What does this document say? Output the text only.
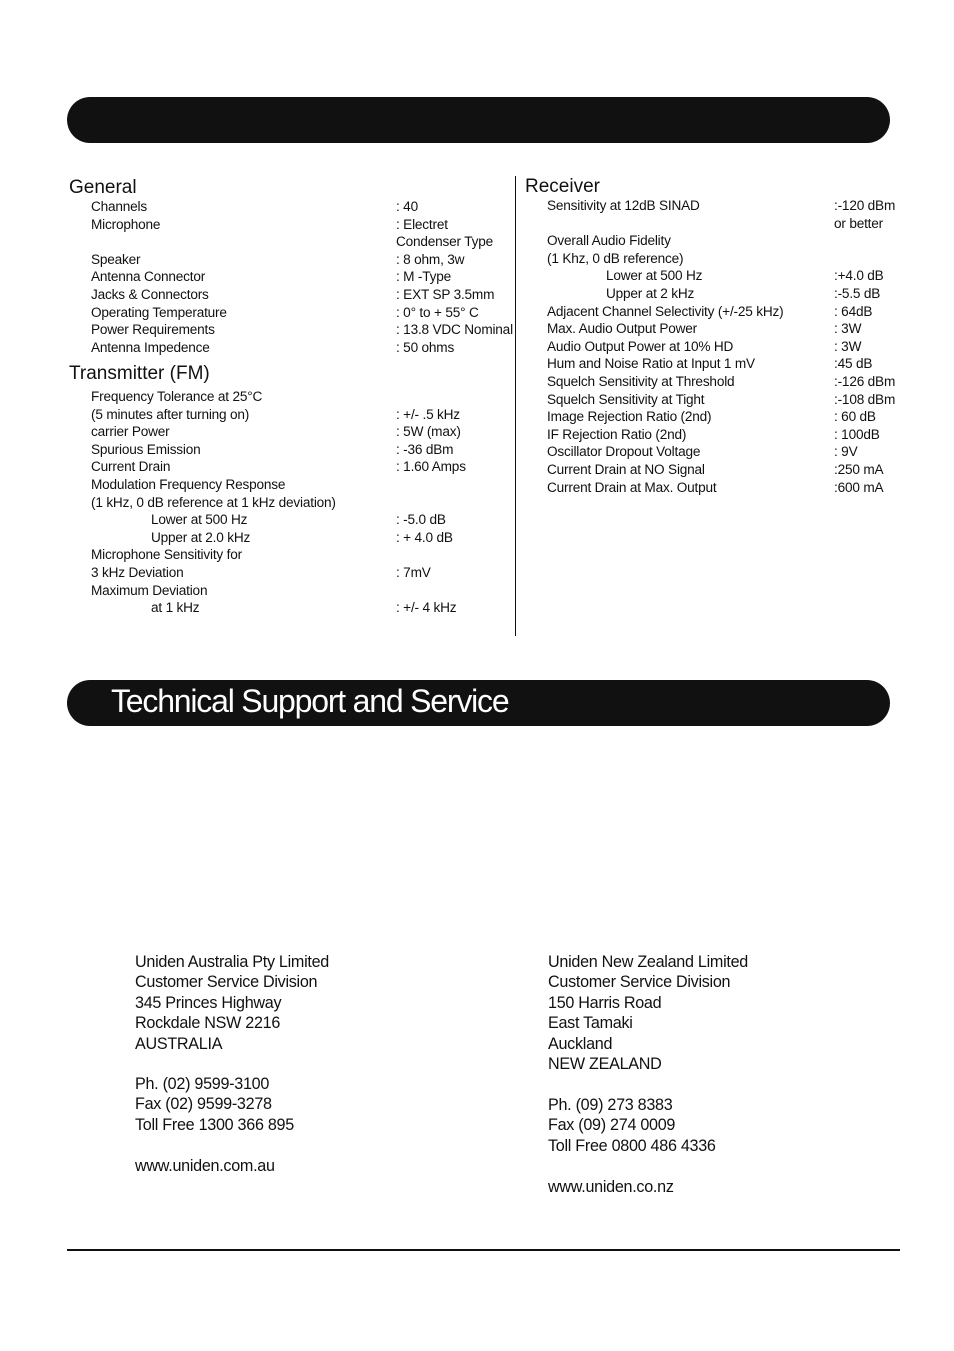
General
Channels	: 40
Microphone	: Electret
Condenser Type
Speaker	: 8 ohm, 3w
Antenna Connector	: M -Type
Jacks & Connectors	: EXT SP 3.5mm
Operating Temperature	: 0° to + 55° C
Power Requirements	: 13.8 VDC Nominal
Antenna Impedence	: 50 ohms
Transmitter (FM)
Frequency Tolerance at 25°C
(5 minutes after turning on)	: +/- .5 kHz
carrier Power	: 5W (max)
Spurious Emission	: -36 dBm
Current Drain	: 1.60 Amps
Modulation Frequency Response
(1 kHz, 0 dB reference at 1 kHz deviation)
Lower at 500 Hz	: -5.0 dB
Upper at 2.0 kHz	: + 4.0 dB
Microphone Sensitivity for
3 kHz Deviation	: 7mV
Maximum Deviation
at 1 kHz	: +/- 4 kHz
Receiver
Sensitivity at 12dB SINAD	:-120 dBm
or better
Overall Audio Fidelity
(1 Khz, 0 dB reference)
Lower at 500 Hz	:+4.0 dB
Upper at 2 kHz	:-5.5 dB
Adjacent Channel Selectivity (+/-25 kHz)	: 64dB
Max. Audio Output Power	: 3W
Audio Output Power at 10% HD	: 3W
Hum and Noise Ratio at Input 1 mV	:45 dB
Squelch Sensitivity at Threshold	:-126 dBm
Squelch Sensitivity at Tight	:-108 dBm
Image Rejection Ratio (2nd)	: 60 dB
IF Rejection Ratio (2nd)	: 100dB
Oscillator Dropout Voltage	: 9V
Current Drain at NO Signal	:250 mA
Current Drain at Max. Output	:600 mA
Technical Support and Service
Uniden Australia Pty Limited
Customer Service Division
345 Princes Highway
Rockdale NSW 2216
AUSTRALIA
Ph. (02) 9599-3100
Fax (02) 9599-3278
Toll Free 1300 366 895
www.uniden.com.au
Uniden New Zealand Limited
Customer Service Division
150 Harris Road
East Tamaki
Auckland
NEW ZEALAND
Ph. (09) 273 8383
Fax (09) 274 0009
Toll Free 0800 486 4336
www.uniden.co.nz
